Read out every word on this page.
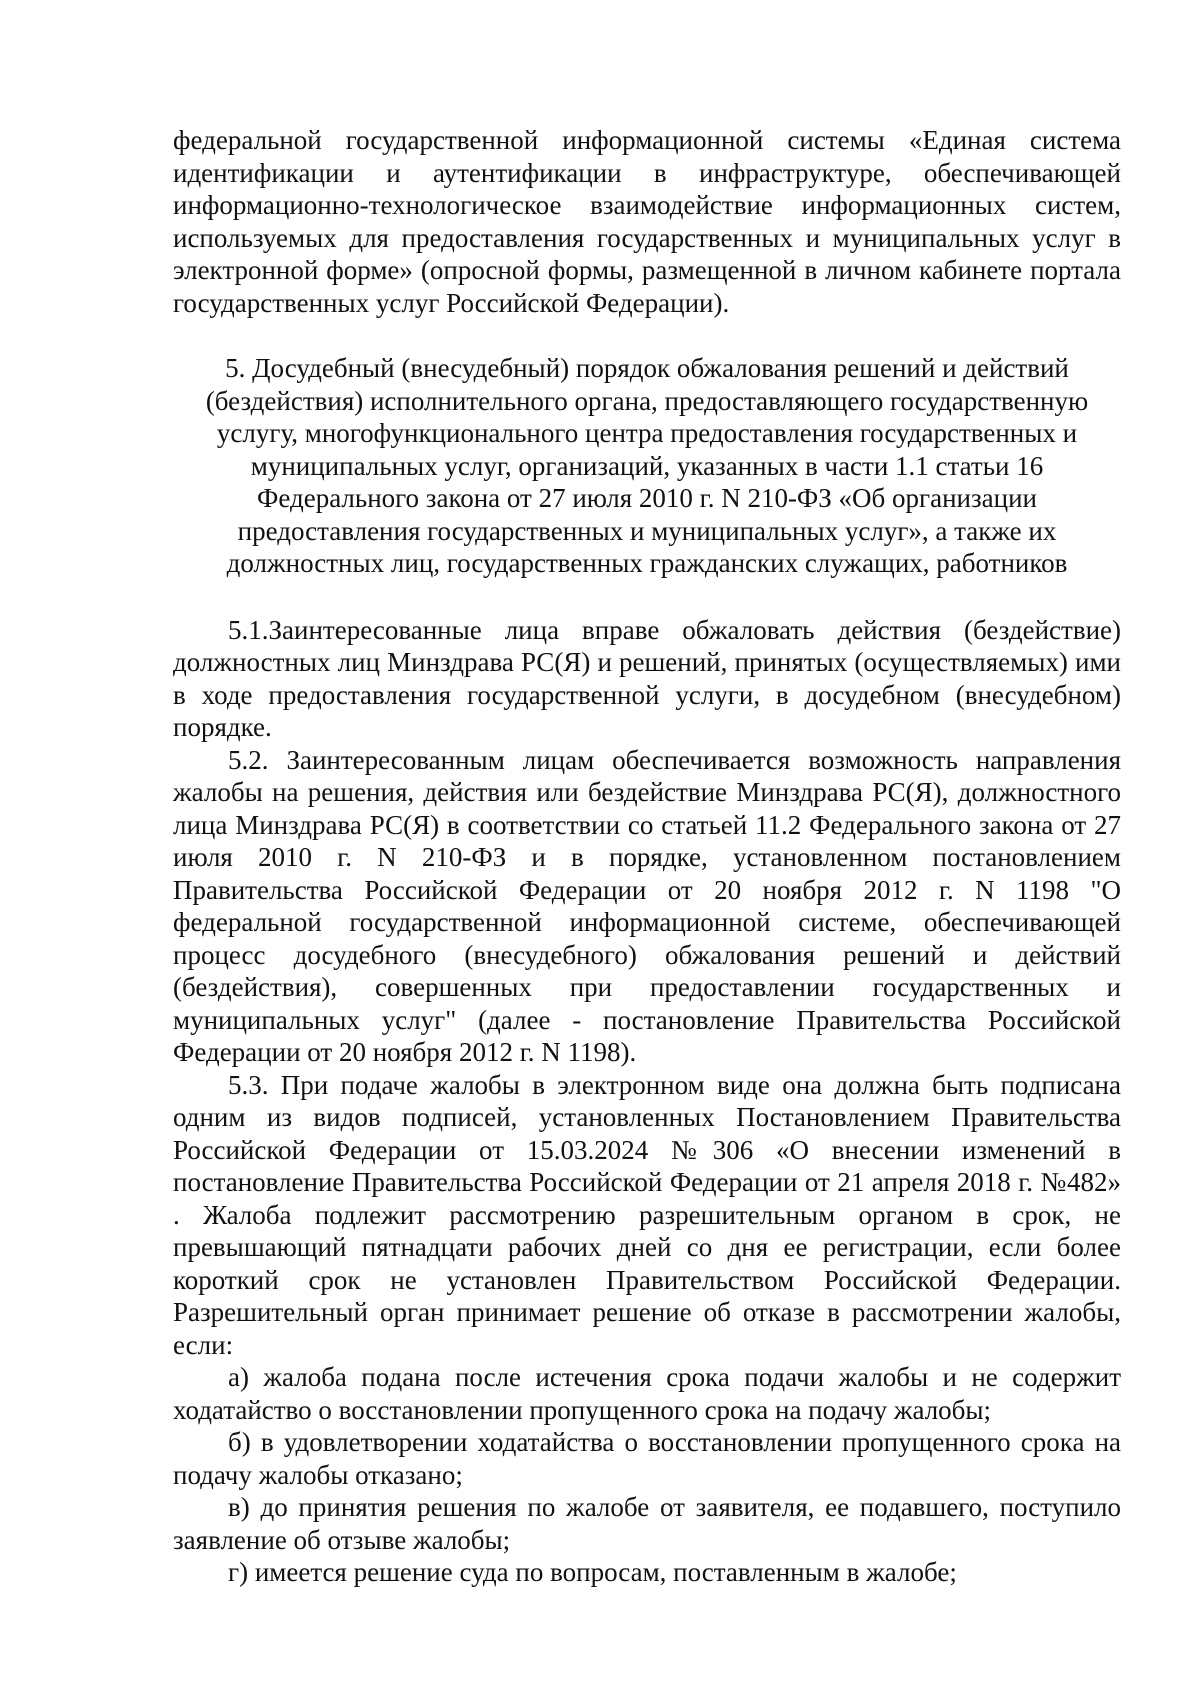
федеральной государственной информационной системы «Единая система идентификации и аутентификации в инфраструктуре, обеспечивающей информационно-технологическое взаимодействие информационных систем, используемых для предоставления государственных и муниципальных услуг в электронной форме» (опросной формы, размещенной в личном кабинете портала государственных услуг Российской Федерации).

5. Досудебный (внесудебный) порядок обжалования решений и действий (бездействия) исполнительного органа, предоставляющего государственную услугу, многофункционального центра предоставления государственных и муниципальных услуг, организаций, указанных в части 1.1 статьи 16 Федерального закона от 27 июля 2010 г. N 210-ФЗ «Об организации предоставления государственных и муниципальных услуг», а также их должностных лиц, государственных гражданских служащих, работников

5.1.Заинтересованные лица вправе обжаловать действия (бездействие) должностных лиц Минздрава РС(Я) и решений, принятых (осуществляемых) ими в ходе предоставления государственной услуги, в досудебном (внесудебном) порядке.

5.2. Заинтересованным лицам обеспечивается возможность направления жалобы на решения, действия или бездействие Минздрава РС(Я), должностного лица Минздрава РС(Я) в соответствии со статьей 11.2 Федерального закона от 27 июля 2010 г. N 210-ФЗ и в порядке, установленном постановлением Правительства Российской Федерации от 20 ноября 2012 г. N 1198 "О федеральной государственной информационной системе, обеспечивающей процесс досудебного (внесудебного) обжалования решений и действий (бездействия), совершенных при предоставлении государственных и муниципальных услуг" (далее - постановление Правительства Российской Федерации от 20 ноября 2012 г. N 1198).

5.3. При подаче жалобы в электронном виде она должна быть подписана одним из видов подписей, установленных Постановлением Правительства Российской Федерации от 15.03.2024 №306 «О внесении изменений в постановление Правительства Российской Федерации от 21 апреля 2018 г. №482» . Жалоба подлежит рассмотрению разрешительным органом в срок, не превышающий пятнадцати рабочих дней со дня ее регистрации, если более короткий срок не установлен Правительством Российской Федерации. Разрешительный орган принимает решение об отказе в рассмотрении жалобы, если:

а) жалоба подана после истечения срока подачи жалобы и не содержит ходатайство о восстановлении пропущенного срока на подачу жалобы;

б) в удовлетворении ходатайства о восстановлении пропущенного срока на подачу жалобы отказано;

в) до принятия решения по жалобе от заявителя, ее подавшего, поступило заявление об отзыве жалобы;

г) имеется решение суда по вопросам, поставленным в жалобе;
